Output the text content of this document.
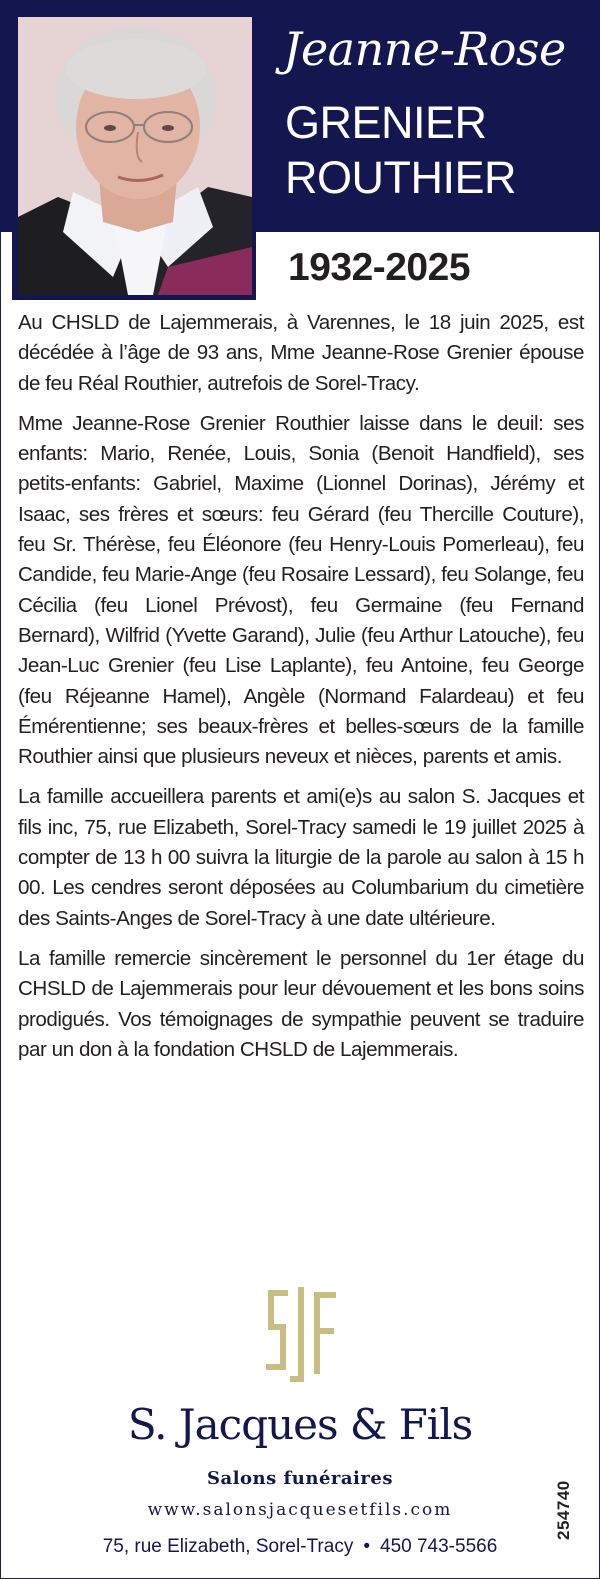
Jeanne-Rose
GRENIER
ROUTHIER
1932-2025

Au CHSLD de Lajemmerais, à Varennes, le 18 juin 2025, est décédée à l’âge de 93 ans, Mme Jeanne-Rose Grenier épouse de feu Réal Routhier, autrefois de Sorel-Tracy.

Mme Jeanne-Rose Grenier Routhier laisse dans le deuil: ses enfants: Mario, Renée, Louis, Sonia (Benoit Handfield), ses petits-enfants: Gabriel, Maxime (Lionnel Dorinas), Jérémy et Isaac, ses frères et sœurs: feu Gérard (feu Thercille Couture), feu Sr. Thérèse, feu Éléonore (feu Henry-Louis Pomerleau), feu Candide, feu Marie-Ange (feu Rosaire Lessard), feu Solange, feu Cécilia (feu Lionel Prévost), feu Germaine (feu Fernand Bernard), Wilfrid (Yvette Garand), Julie (feu Arthur Latouche), feu Jean-Luc Grenier (feu Lise Laplante), feu Antoine, feu George (feu Réjeanne Hamel), Angèle (Normand Falardeau) et feu Émérentienne; ses beaux-frères et belles-sœurs de la famille Routhier ainsi que plusieurs neveux et nièces, parents et amis.

La famille accueillera parents et ami(e)s au salon S. Jacques et fils inc, 75, rue Elizabeth, Sorel-Tracy samedi le 19 juillet 2025 à compter de 13 h 00 suivra la liturgie de la parole au salon à 15 h 00. Les cendres seront déposées au Columbarium du cimetière des Saints-Anges de Sorel-Tracy à une date ultérieure.

La famille remercie sincèrement le personnel du 1er étage du CHSLD de Lajemmerais pour leur dévouement et les bons soins prodigués. Vos témoignages de sympathie peuvent se traduire par un don à la fondation CHSLD de Lajemmerais.

S. Jacques & Fils
Salons funéraires
www.salonsjacquesetfils.com
75, rue Elizabeth, Sorel-Tracy • 450 743-5566
254740
